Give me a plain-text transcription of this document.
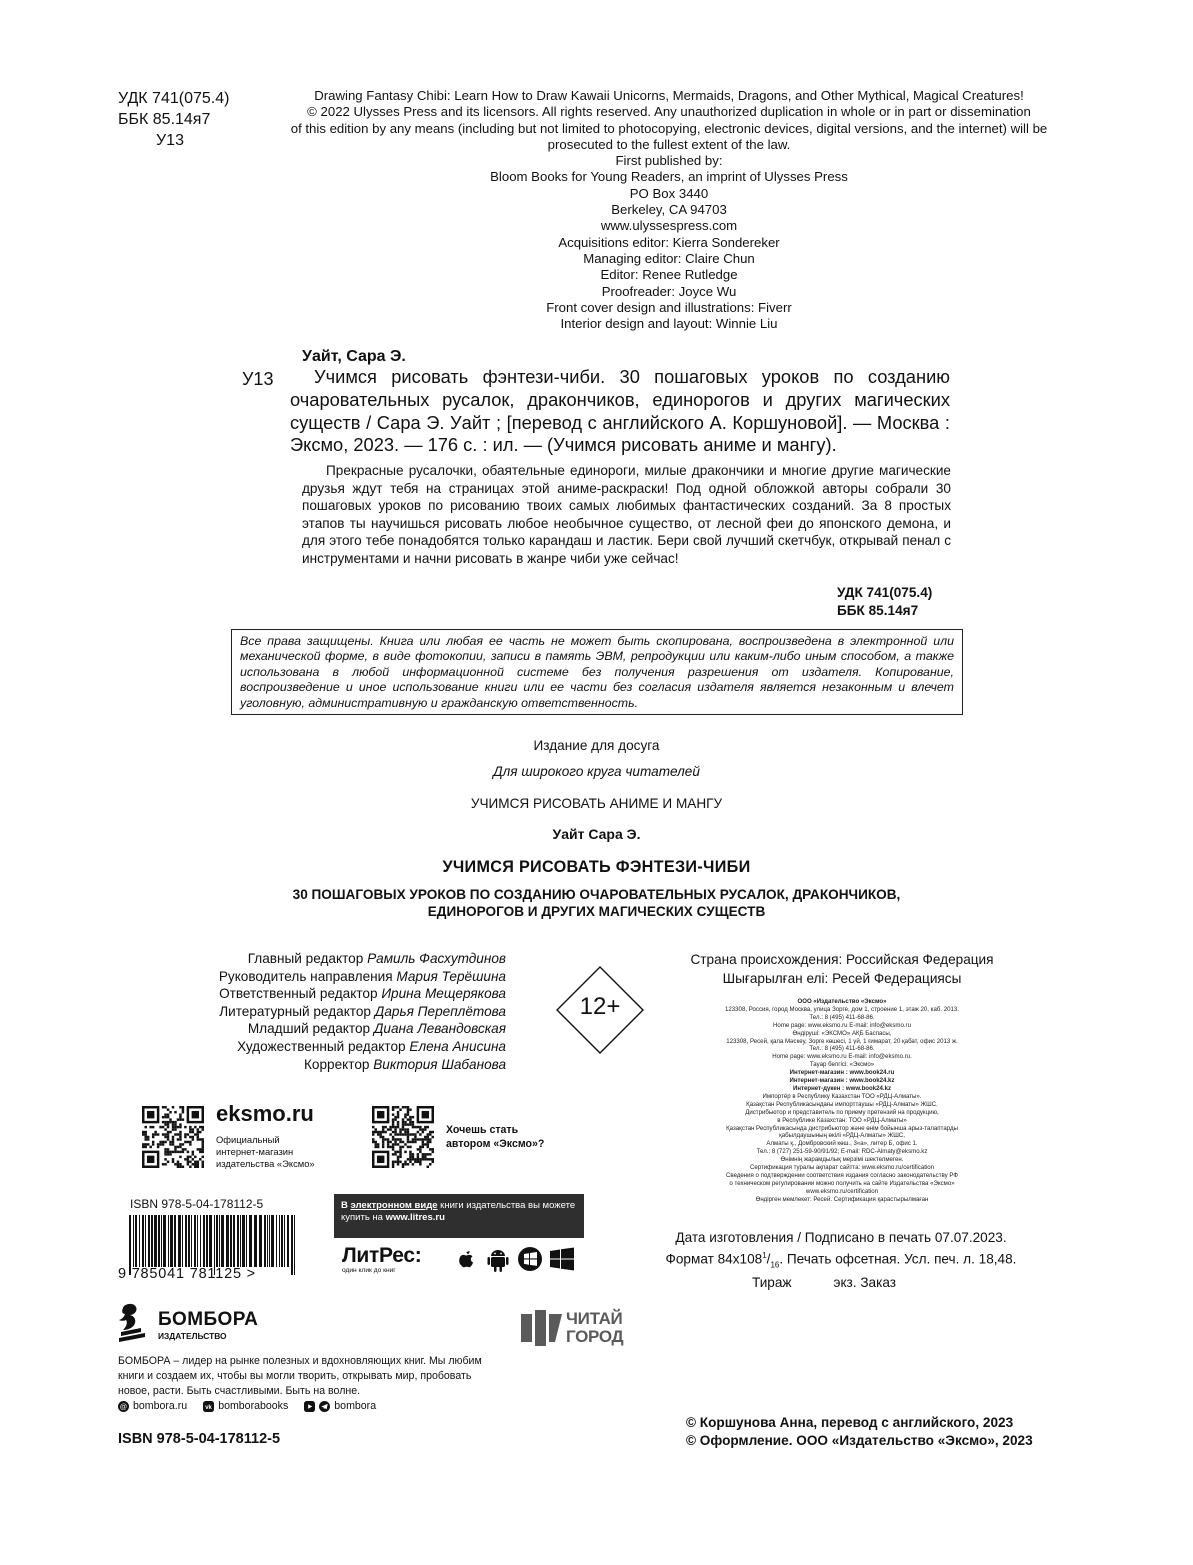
УДК 741(075.4)
ББК 85.14я7
У13
Drawing Fantasy Chibi: Learn How to Draw Kawaii Unicorns, Mermaids, Dragons, and Other Mythical, Magical Creatures!
© 2022 Ulysses Press and its licensors. All rights reserved. Any unauthorized duplication in whole or in part or dissemination
of this edition by any means (including but not limited to photocopying, electronic devices, digital versions, and the internet) will be
prosecuted to the fullest extent of the law.
First published by:
Bloom Books for Young Readers, an imprint of Ulysses Press
PO Box 3440
Berkeley, CA 94703
www.ulyssespress.com
Acquisitions editor: Kierra Sondereker
Managing editor: Claire Chun
Editor: Renee Rutledge
Proofreader: Joyce Wu
Front cover design and illustrations: Fiverr
Interior design and layout: Winnie Liu
Уайт, Сара Э.
У13	Учимся рисовать фэнтези-чиби. 30 пошаговых уроков по созданию очаровательных русалок, дракончиков, единорогов и других магических существ / Сара Э. Уайт ; [перевод с английского А. Коршуновой]. — Москва : Эксмо, 2023. — 176 с. : ил. — (Учимся рисовать аниме и мангу).
Прекрасные русалочки, обаятельные единороги, милые дракончики и многие другие магические друзья ждут тебя на страницах этой аниме-раскраски! Под одной обложкой авторы собрали 30 пошаговых уроков по рисованию твоих самых любимых фантастических созданий. За 8 простых этапов ты научишься рисовать любое необычное существо, от лесной феи до японского демона, и для этого тебе понадобятся только карандаш и ластик. Бери свой лучший скетчбук, открывай пенал с инструментами и начни рисовать в жанре чиби уже сейчас!
УДК 741(075.4)
ББК 85.14я7
Все права защищены. Книга или любая ее часть не может быть скопирована, воспроизведена в электронной или механической форме, в виде фотокопии, записи в память ЭВМ, репродукции или каким-либо иным способом, а также использована в любой информационной системе без получения разрешения от издателя. Копирование, воспроизведение и иное использование книги или ее части без согласия издателя является незаконным и влечет уголовную, административную и гражданскую ответственность.
Издание для досуга
Для широкого круга читателей
УЧИМСЯ РИСОВАТЬ АНИМЕ И МАНГУ
Уайт Сара Э.
УЧИМСЯ РИСОВАТЬ ФЭНТЕЗИ-ЧИБИ
30 ПОШАГОВЫХ УРОКОВ ПО СОЗДАНИЮ ОЧАРОВАТЕЛЬНЫХ РУСАЛОК, ДРАКОНЧИКОВ,
ЕДИНОРОГОВ И ДРУГИХ МАГИЧЕСКИХ СУЩЕСТВ
Главный редактор Рамиль Фасхутдинов
Руководитель направления Мария Терёшина
Ответственный редактор Ирина Мещерякова
Литературный редактор Дарья Переплётова
Младший редактор Диана Левандовская
Художественный редактор Елена Анисина
Корректор Виктория Шабанова
12+
Страна происхождения: Российская Федерация
Шығарылған елі: Ресей Федерациясы
ООО «Издательство «Эксмо»
123308, Россия, город Москва, улица Зорге, дом 1, строение 1, этаж 20, каб. 2013.
Тел.: 8 (495) 411-68-86.
Home page: www.eksmo.ru E-mail: info@eksmo.ru
Өндіруші: «ЭКСМО» АҚБ Баспасы,
123308, Ресей, қала Мәскеу, Зорге көшесі, 1 үй, 1 ғимарат, 20 қабат, офис 2013 ж.
Тел.: 8 (495) 411-68-86.
Home page: www.eksmo.ru E-mail: info@eksmo.ru.
Тауар белгісі: «Эксмо»
Интернет-магазин : www.book24.ru
Интернет-магазин : www.book24.kz
Интернет-дүкен : www.book24.kz
Импортёр в Республику Казахстан ТОО «РДЦ-Алматы».
Қазақстан Республикасындағы импорттаушы «РДЦ-Алматы» ЖШС.
Дистрибьютор и представитель по приему претензий на продукцию,
в Республике Казахстан: ТОО «РДЦ-Алматы»
Қазақстан Республикасында дистрибьютор және өнім бойынша арыз-талаптарды
қабылдаушының өкілі «РДЦ-Алматы» ЖШС,
Алматы қ., Домбровский көш., 3«а», литер Б, офис 1.
Тел.: 8 (727) 251-59-90/91/92; E-mail: RDC-Almaty@eksmo.kz
Өнімнің жарамдылық мерзімі шектелмеген.
Сертификация туралы ақпарат сайтта: www.eksmo.ru/certification
Сведения о подтверждении соответствия издания согласно законодательству РФ
о техническом регулировании можно получить на сайте Издательства «Эксмо»
www.eksmo.ru/certification
Өндірген мемлекет: Ресей. Сертификация қарастырылмаған
Дата изготовления / Подписано в печать 07.07.2023.
Формат $84x108^1/_{16}$. Печать офсетная. Усл. печ. л. 18,48.
Тираж	экз. Заказ
eksmo.ru
Официальный
интернет-магазин
издательства «Эксмо»
Хочешь стать
автором «Эксмо»?
ISBN 978-5-04-178112-5
9 785041 781125 >
В электронном виде книги издательства вы можете
купить на www.litres.ru
ЛитРес:
один клик до книг
БОМБОРА
ИЗДАТЕЛЬСТВО
БОМБОРА – лидер на рынке полезных и вдохновляющих книг. Мы любим книги и создаем их, чтобы вы могли творить, открывать мир, пробовать новое, расти. Быть счастливыми. Быть на волне.
@ bombora.ru	vk bomborabooks	bombora
ЧИТАЙ
ГОРОД
ISBN 978-5-04-178112-5
© Коршунова Анна, перевод с английского, 2023
© Оформление. ООО «Издательство «Эксмо», 2023
